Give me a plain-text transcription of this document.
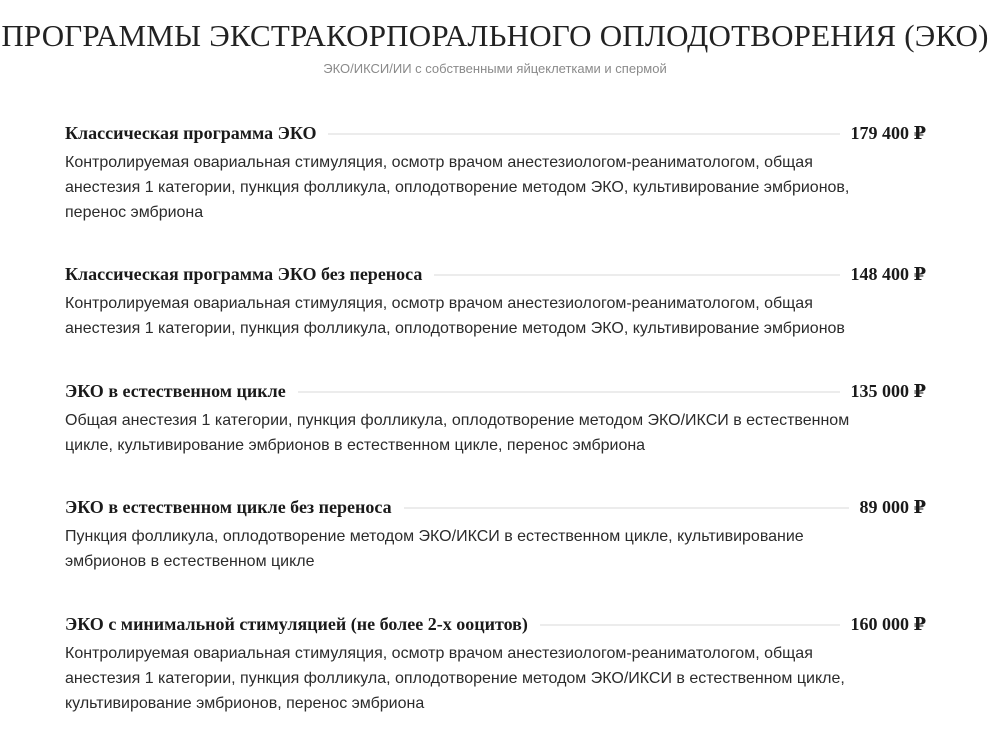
ПРОГРАММЫ ЭКСТРАКОРПОРАЛЬНОГО ОПЛОДОТВОРЕНИЯ (ЭКО)

ЭКО/ИКСИ/ИИ с собственными яйцеклетками и спермой

Классическая программа ЭКО	179 400 ₽
Контролируемая овариальная стимуляция, осмотр врачом анестезиологом-реаниматологом, общая
анестезия 1 категории, пункция фолликула, оплодотворение методом ЭКО, культивирование эмбрионов,
перенос эмбриона
Классическая программа ЭКО без переноса	148 400 ₽
Контролируемая овариальная стимуляция, осмотр врачом анестезиологом-реаниматологом, общая
анестезия 1 категории, пункция фолликула, оплодотворение методом ЭКО, культивирование эмбрионов
ЭКО в естественном цикле	135 000 ₽
Общая анестезия 1 категории, пункция фолликула, оплодотворение методом ЭКО/ИКСИ в естественном
цикле, культивирование эмбрионов в естественном цикле, перенос эмбриона
ЭКО в естественном цикле без переноса	89 000 ₽
Пункция фолликула, оплодотворение методом ЭКО/ИКСИ в естественном цикле, культивирование
эмбрионов в естественном цикле
ЭКО с минимальной стимуляцией (не более 2-х ооцитов)	160 000 ₽
Контролируемая овариальная стимуляция, осмотр врачом анестезиологом-реаниматологом, общая
анестезия 1 категории, пункция фолликула, оплодотворение методом ЭКО/ИКСИ в естественном цикле,
культивирование эмбрионов, перенос эмбриона
